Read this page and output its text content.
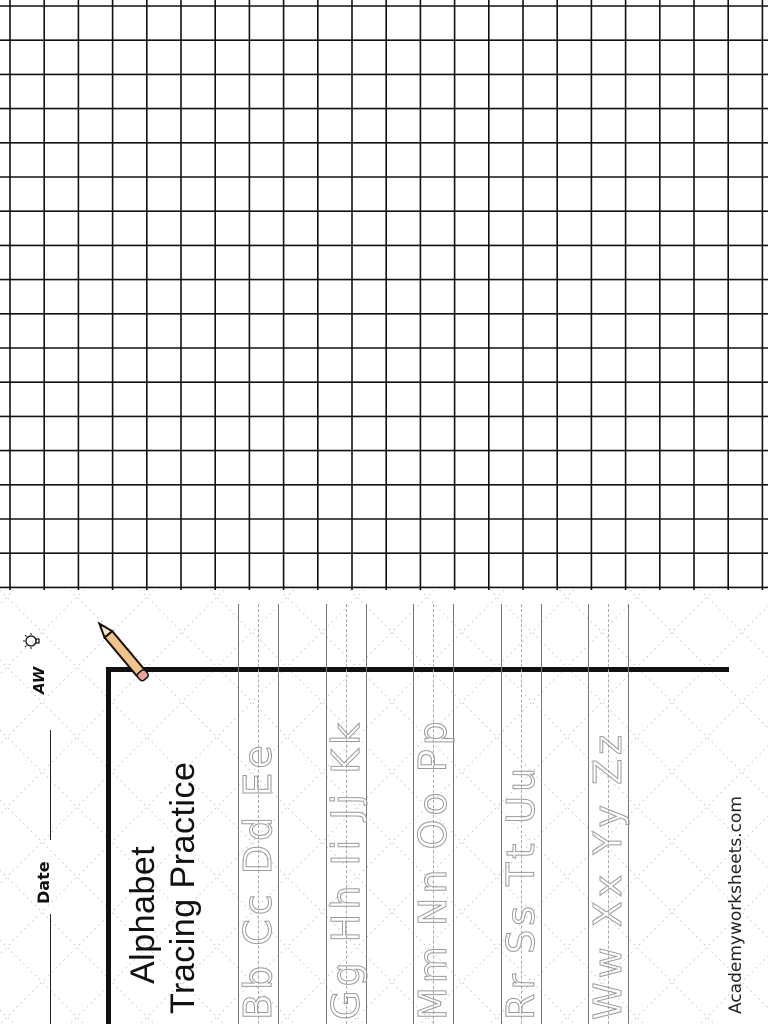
Date
AW
Alphabet Tracing Practice Bb Cc Dd Ee Gg Hh Ii Jj Kk Mm Nn Oo Pp Rr Ss Tt Uu Ww Xx Yy Zz	Academyworksheets.com
